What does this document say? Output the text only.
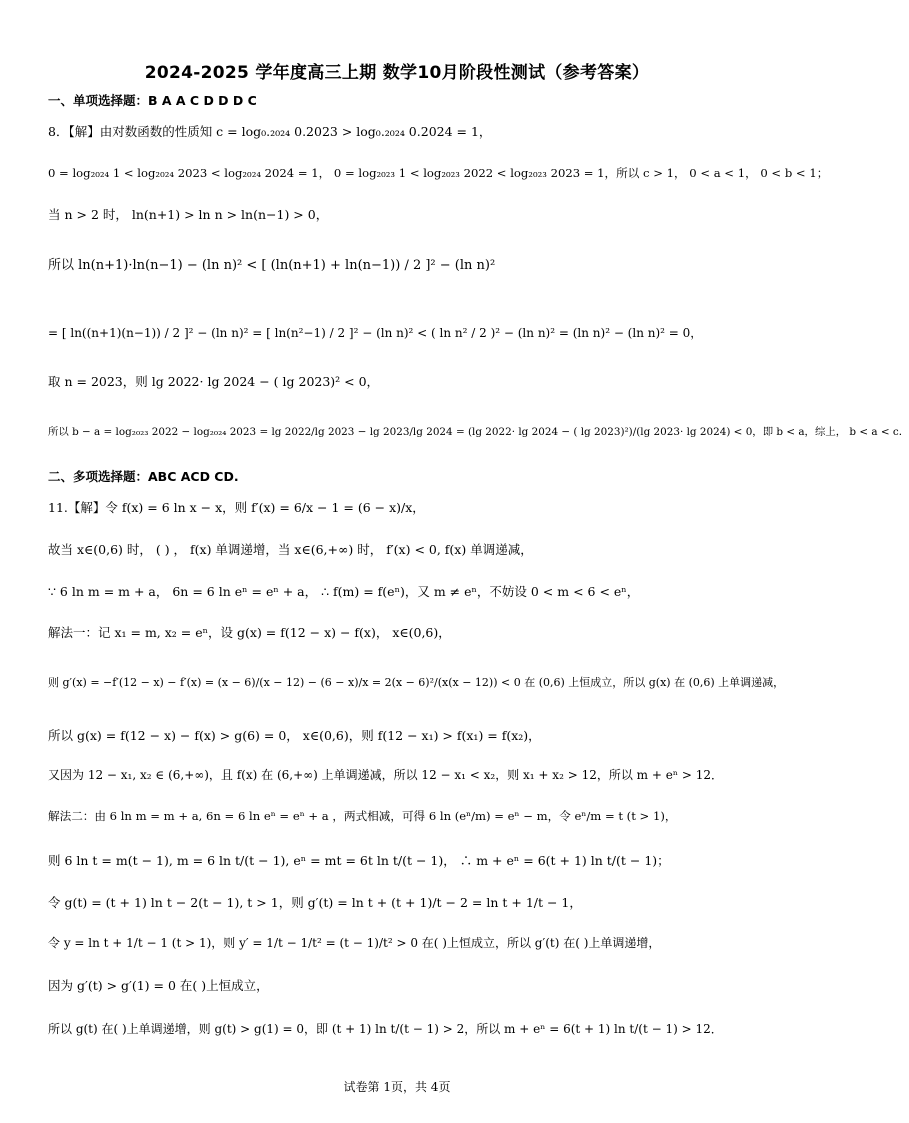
2024-2025 学年度高三上期 数学10月阶段性测试（参考答案）
一、单项选择题：B A A C D D D C
8．【解】由对数函数的性质知 c = log₀.₂₀₂₄ 0.2023 > log₀.₂₀₂₄ 0.2024 = 1，
0 = log₂₀₂₄ 1 < log₂₀₂₄ 2023 < log₂₀₂₄ 2024 = 1， 0 = log₂₀₂₃ 1 < log₂₀₂₃ 2022 < log₂₀₂₃ 2023 = 1，所以 c > 1， 0 < a < 1， 0 < b < 1；
当 n > 2 时， ln(n+1) > ln n > ln(n−1) > 0，
所以 ln(n+1)·ln(n−1) − (ln n)² < [ (ln(n+1) + ln(n−1)) / 2 ]² − (ln n)²
= [ ln((n+1)(n−1)) / 2 ]² − (ln n)² = [ ln(n²−1) / 2 ]² − (ln n)² < ( ln n² / 2 )² − (ln n)² = (ln n)² − (ln n)² = 0，
取 n = 2023，则 lg 2022· lg 2024 − ( lg 2023)² < 0，
所以 b − a = log₂₀₂₃ 2022 − log₂₀₂₄ 2023 = lg 2022/lg 2023 − lg 2023/lg 2024 = (lg 2022· lg 2024 − ( lg 2023)²)/(lg 2023· lg 2024) < 0，即 b < a，综上， b < a < c．
二、多项选择题：ABC ACD CD.
11.【解】令 f(x) = 6 ln x − x，则 f′(x) = 6/x − 1 = (6 − x)/x，
故当 x∈(0,6) 时， ( ) ， f(x) 单调递增，当 x∈(6,+∞) 时， f′(x) < 0, f(x) 单调递减，
∵ 6 ln m = m + a， 6n = 6 ln eⁿ = eⁿ + a， ∴ f(m) = f(eⁿ)，又 m ≠ eⁿ，不妨设 0 < m < 6 < eⁿ，
解法一：记 x₁ = m, x₂ = eⁿ，设 g(x) = f(12 − x) − f(x)， x∈(0,6)，
则 g′(x) = −f′(12 − x) − f′(x) = (x − 6)/(x − 12) − (6 − x)/x = 2(x − 6)²/(x(x − 12)) < 0 在 (0,6) 上恒成立，所以 g(x) 在 (0,6) 上单调递减，
所以 g(x) = f(12 − x) − f(x) > g(6) = 0， x∈(0,6)，则 f(12 − x₁) > f(x₁) = f(x₂)，
又因为 12 − x₁, x₂ ∈ (6,+∞)，且 f(x) 在 (6,+∞) 上单调递减，所以 12 − x₁ < x₂，则 x₁ + x₂ > 12，所以 m + eⁿ > 12．
解法二：由 6 ln m = m + a, 6n = 6 ln eⁿ = eⁿ + a ，两式相减，可得 6 ln (eⁿ/m) = eⁿ − m，令 eⁿ/m = t (t > 1)，
则 6 ln t = m(t − 1), m = 6 ln t/(t − 1), eⁿ = mt = 6t ln t/(t − 1)， ∴ m + eⁿ = 6(t + 1) ln t/(t − 1)；
令 g(t) = (t + 1) ln t − 2(t − 1), t > 1，则 g′(t) = ln t + (t + 1)/t − 2 = ln t + 1/t − 1，
令 y = ln t + 1/t − 1 (t > 1)，则 y′ = 1/t − 1/t² = (t − 1)/t² > 0 在( )上恒成立，所以 g′(t) 在( )上单调递增，
因为 g′(t) > g′(1) = 0 在( )上恒成立，
所以 g(t) 在( )上单调递增，则 g(t) > g(1) = 0，即 (t + 1) ln t/(t − 1) > 2，所以 m + eⁿ = 6(t + 1) ln t/(t − 1) > 12．
试卷第 1页，共 4页
